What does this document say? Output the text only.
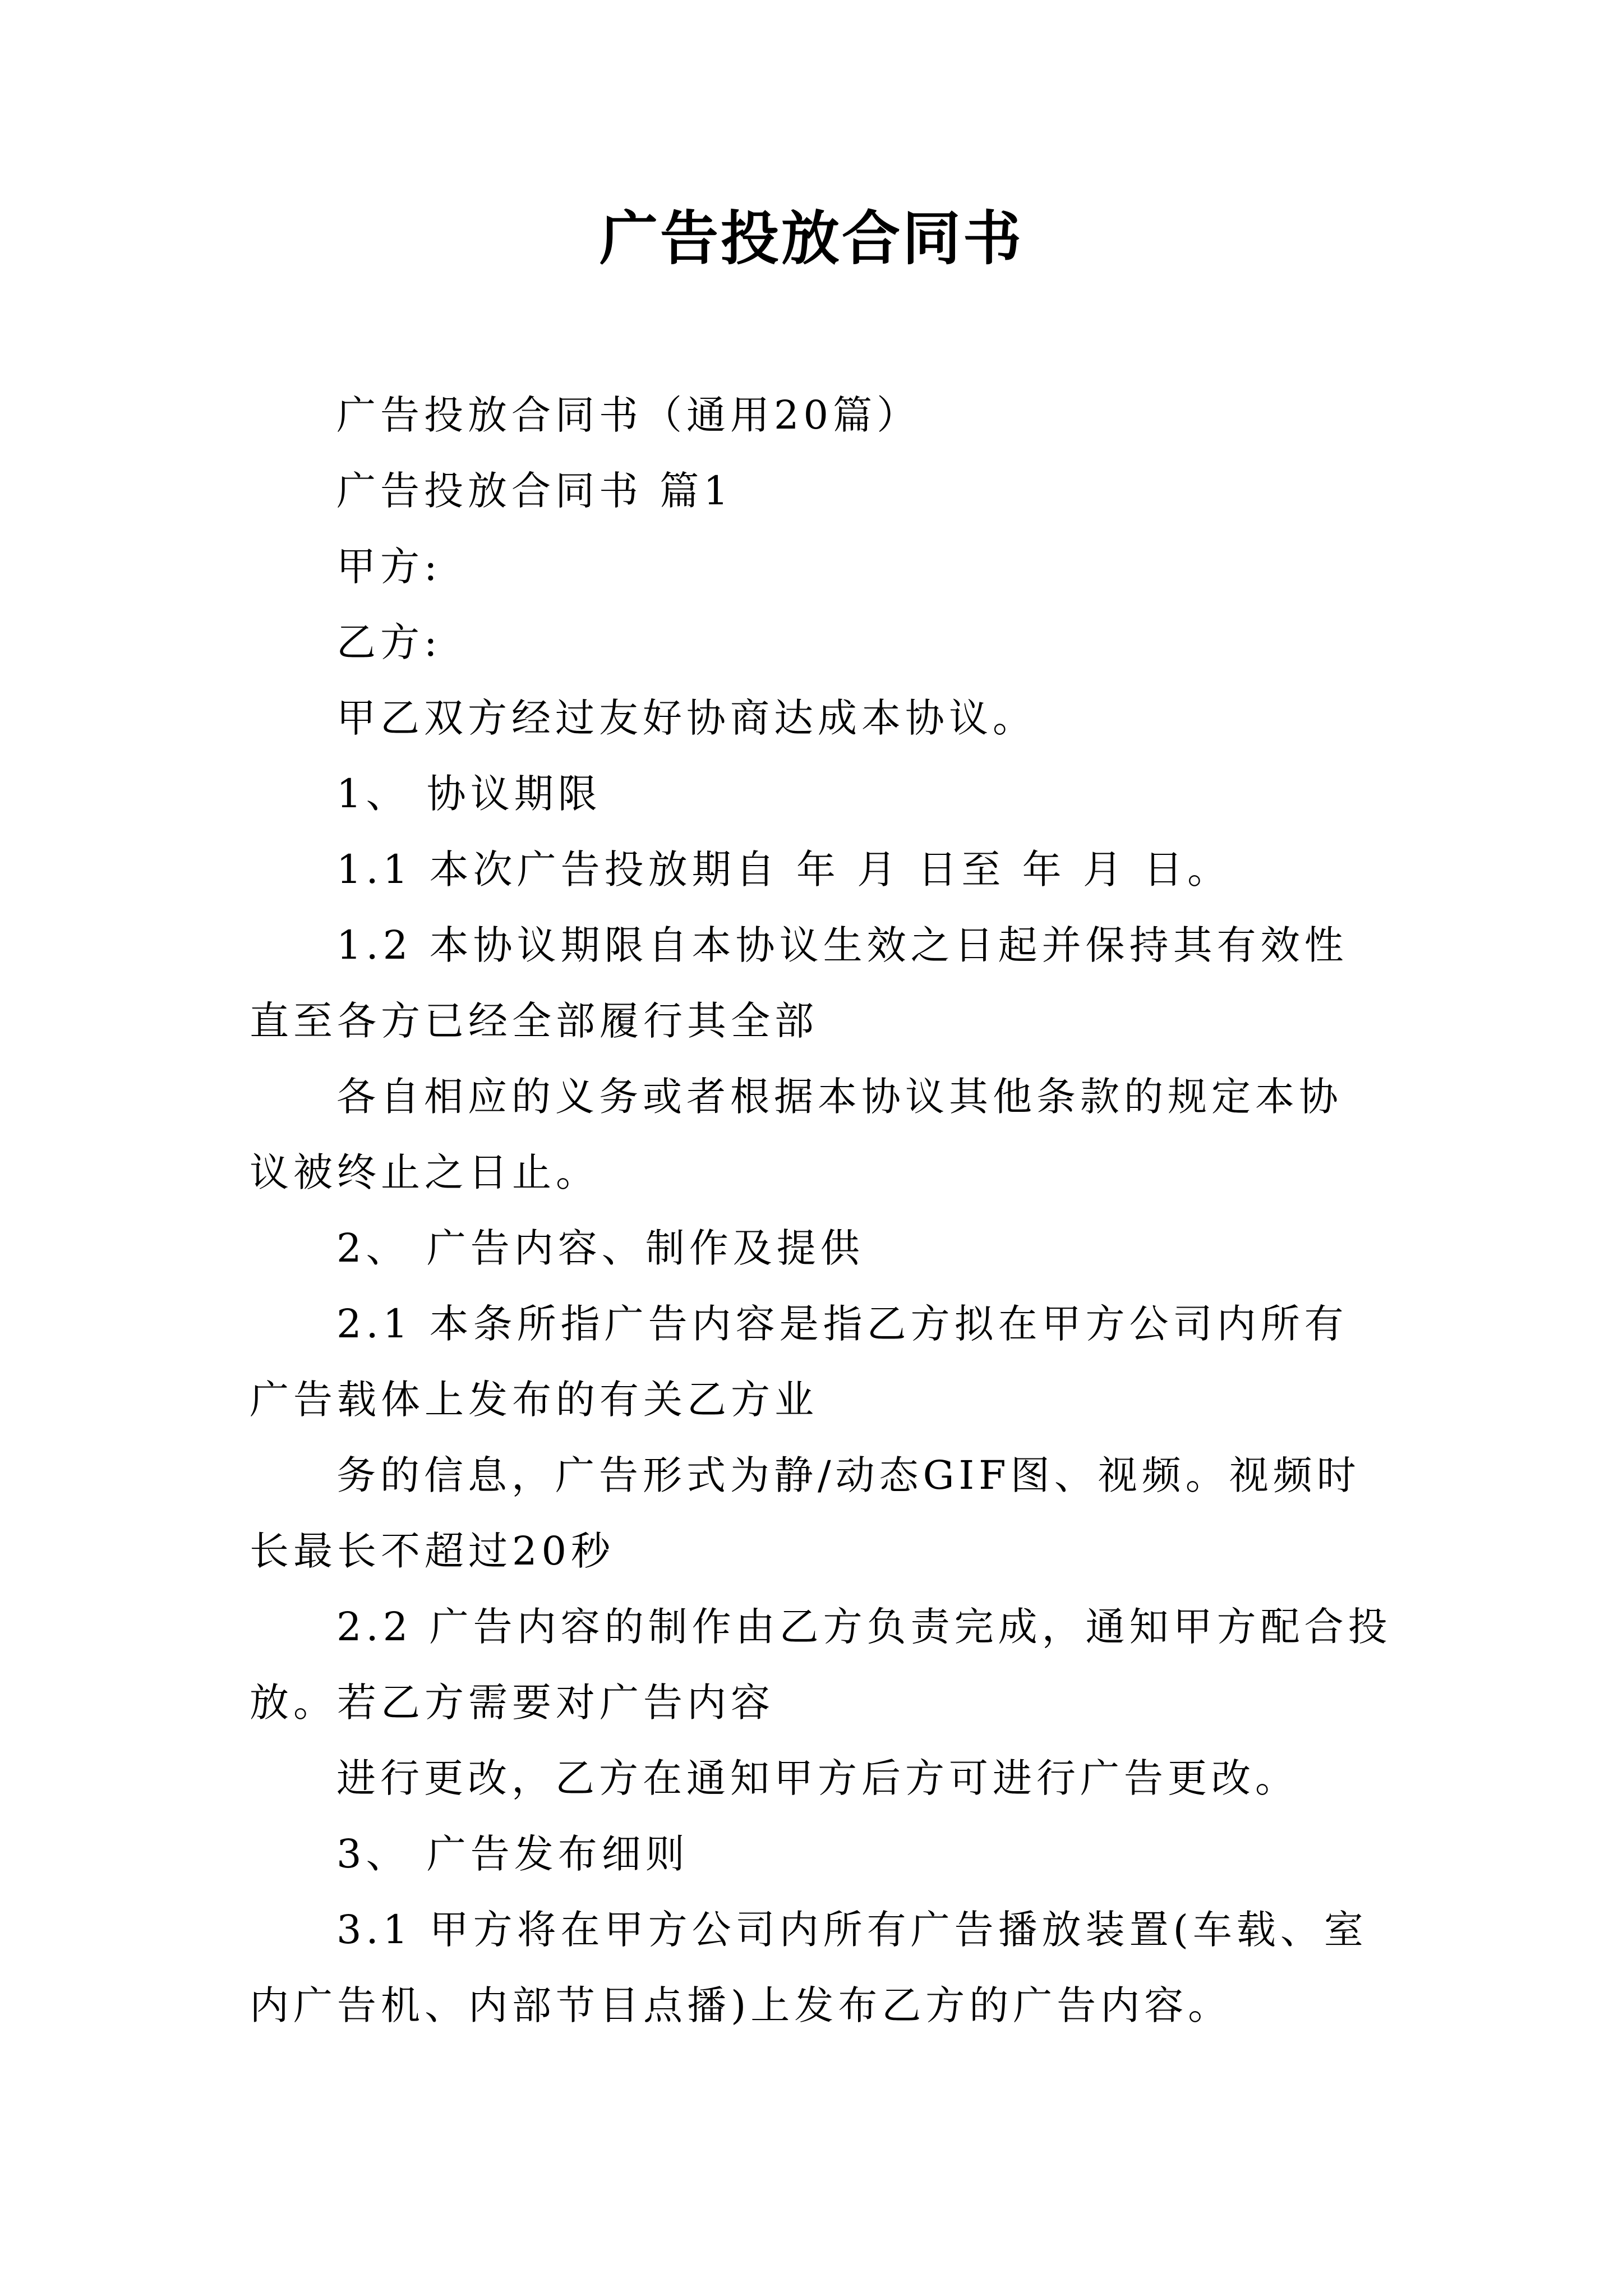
广告投放合同书
广告投放合同书（通用20篇）
广告投放合同书 篇1
甲方:
乙方:
甲乙双方经过友好协商达成本协议。
1、 协议期限
1.1 本次广告投放期自 年 月 日至 年 月 日。
1.2 本协议期限自本协议生效之日起并保持其有效性
直至各方已经全部履行其全部
各自相应的义务或者根据本协议其他条款的规定本协
议被终止之日止。
2、 广告内容、制作及提供
2.1 本条所指广告内容是指乙方拟在甲方公司内所有
广告载体上发布的有关乙方业
务的信息，广告形式为静/动态GIF图、视频。视频时
长最长不超过20秒
2.2 广告内容的制作由乙方负责完成，通知甲方配合投
放。若乙方需要对广告内容
进行更改，乙方在通知甲方后方可进行广告更改。
3、 广告发布细则
3.1 甲方将在甲方公司内所有广告播放装置(车载、室
内广告机、内部节目点播)上发布乙方的广告内容。
